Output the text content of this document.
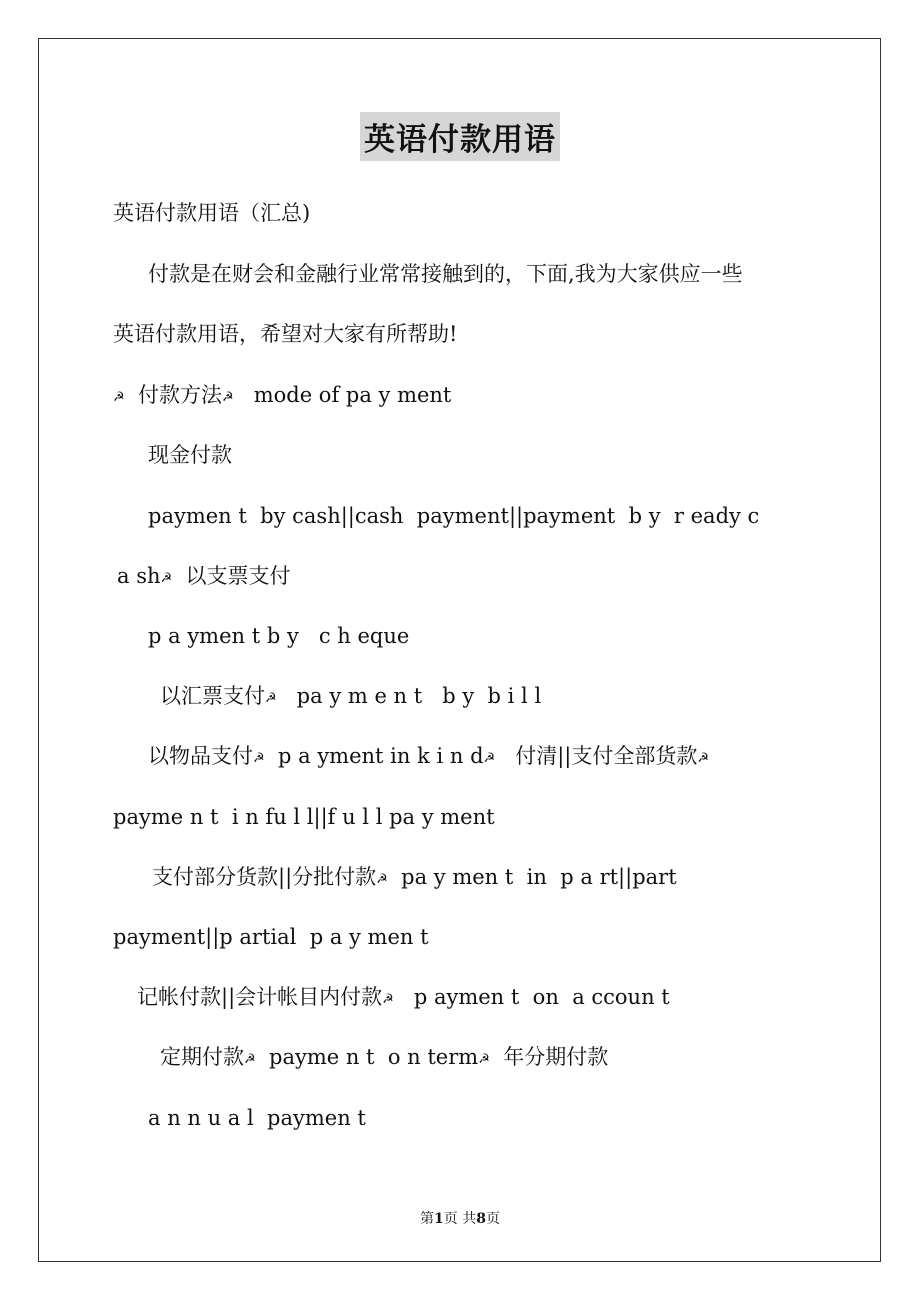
英语付款用语
英语付款用语（汇总)
付款是在财会和金融行业常常接触到的，下面,我为大家供应一些
英语付款用语，希望对大家有所帮助!
☭  付款方法☭   mode of pa y ment
现金付款
paymen t  by cash||cash  payment||payment  b y  r eady c
a sh☭  以支票支付
p a ymen t b y   c h eque
以汇票支付☭   pa y m e n t   b y  b i l l
以物品支付☭  p a yment in k i n d☭   付清||支付全部货款☭
payme n t  i n fu l l||f u l l pa y ment
支付部分货款||分批付款☭  pa y men t  in  p a rt||part
payment||p artial  p a y men t
记帐付款||会计帐目内付款☭   p aymen t  on  a ccoun t
定期付款☭  payme n t  o n term☭  年分期付款
a n n u a l  paymen t
第1页 共8页
